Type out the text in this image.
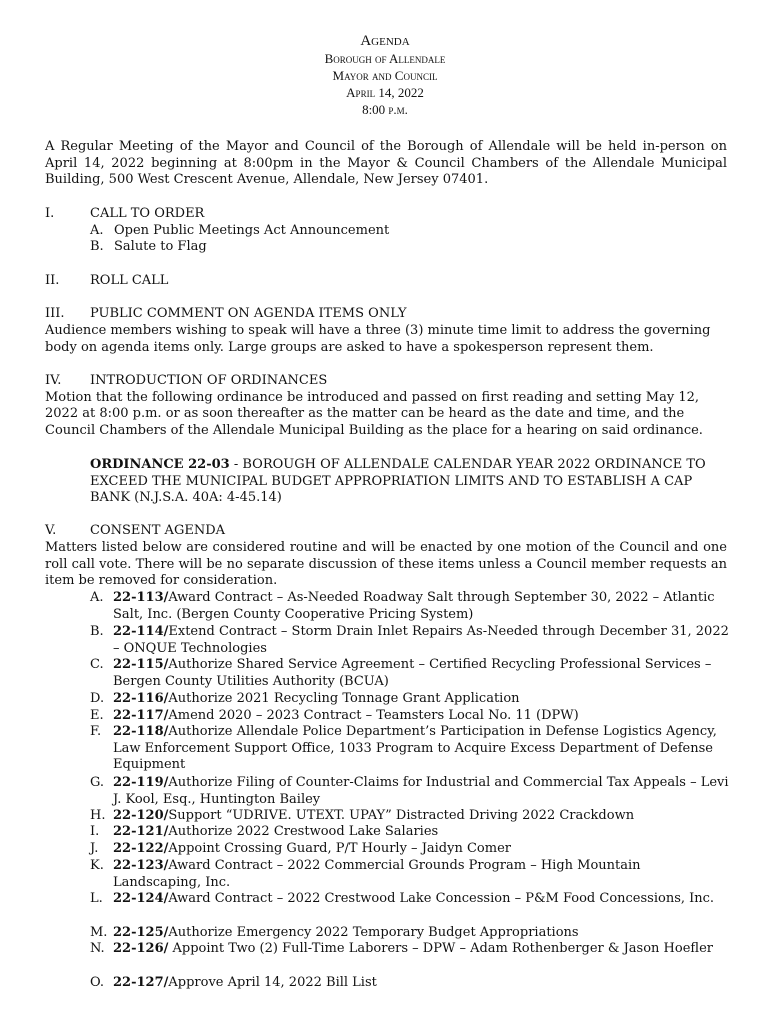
Agenda
Borough of Allendale
Mayor and Council
April 14, 2022
8:00 p.m.
A Regular Meeting of the Mayor and Council of the Borough of Allendale will be held in-person on April 14, 2022 beginning at 8:00pm in the Mayor & Council Chambers of the Allendale Municipal Building, 500 West Crescent Avenue, Allendale, New Jersey 07401.
I.	CALL TO ORDER
A. Open Public Meetings Act Announcement
B. Salute to Flag
II. ROLL CALL
III. PUBLIC COMMENT ON AGENDA ITEMS ONLY
Audience members wishing to speak will have a three (3) minute time limit to address the governing body on agenda items only. Large groups are asked to have a spokesperson represent them.
IV. INTRODUCTION OF ORDINANCES
Motion that the following ordinance be introduced and passed on first reading and setting May 12, 2022 at 8:00 p.m. or as soon thereafter as the matter can be heard as the date and time, and the Council Chambers of the Allendale Municipal Building as the place for a hearing on said ordinance.
ORDINANCE 22-03 - BOROUGH OF ALLENDALE CALENDAR YEAR 2022 ORDINANCE TO EXCEED THE MUNICIPAL BUDGET APPROPRIATION LIMITS AND TO ESTABLISH A CAP BANK (N.J.S.A. 40A: 4-45.14)
V.	CONSENT AGENDA
Matters listed below are considered routine and will be enacted by one motion of the Council and one roll call vote. There will be no separate discussion of these items unless a Council member requests an item be removed for consideration.
A. 22-113/Award Contract – As-Needed Roadway Salt through September 30, 2022 – Atlantic Salt, Inc. (Bergen County Cooperative Pricing System)
B. 22-114/Extend Contract – Storm Drain Inlet Repairs As-Needed through December 31, 2022 – ONQUE Technologies
C. 22-115/Authorize Shared Service Agreement – Certified Recycling Professional Services – Bergen County Utilities Authority (BCUA)
D. 22-116/Authorize 2021 Recycling Tonnage Grant Application
E. 22-117/Amend 2020 – 2023 Contract – Teamsters Local No. 11 (DPW)
F. 22-118/Authorize Allendale Police Department’s Participation in Defense Logistics Agency, Law Enforcement Support Office, 1033 Program to Acquire Excess Department of Defense Equipment
G. 22-119/Authorize Filing of Counter-Claims for Industrial and Commercial Tax Appeals – Levi J. Kool, Esq., Huntington Bailey
H. 22-120/Support “UDRIVE. UTEXT. UPAY” Distracted Driving 2022 Crackdown
I. 22-121/Authorize 2022 Crestwood Lake Salaries
J. 22-122/Appoint Crossing Guard, P/T Hourly – Jaidyn Comer
K. 22-123/Award Contract – 2022 Commercial Grounds Program – High Mountain Landscaping, Inc.
L. 22-124/Award Contract – 2022 Crestwood Lake Concession – P&M Food Concessions, Inc.
M. 22-125/Authorize Emergency 2022 Temporary Budget Appropriations
N. 22-126/ Appoint Two (2) Full-Time Laborers – DPW – Adam Rothenberger & Jason Hoefler
O. 22-127/Approve April 14, 2022 Bill List
